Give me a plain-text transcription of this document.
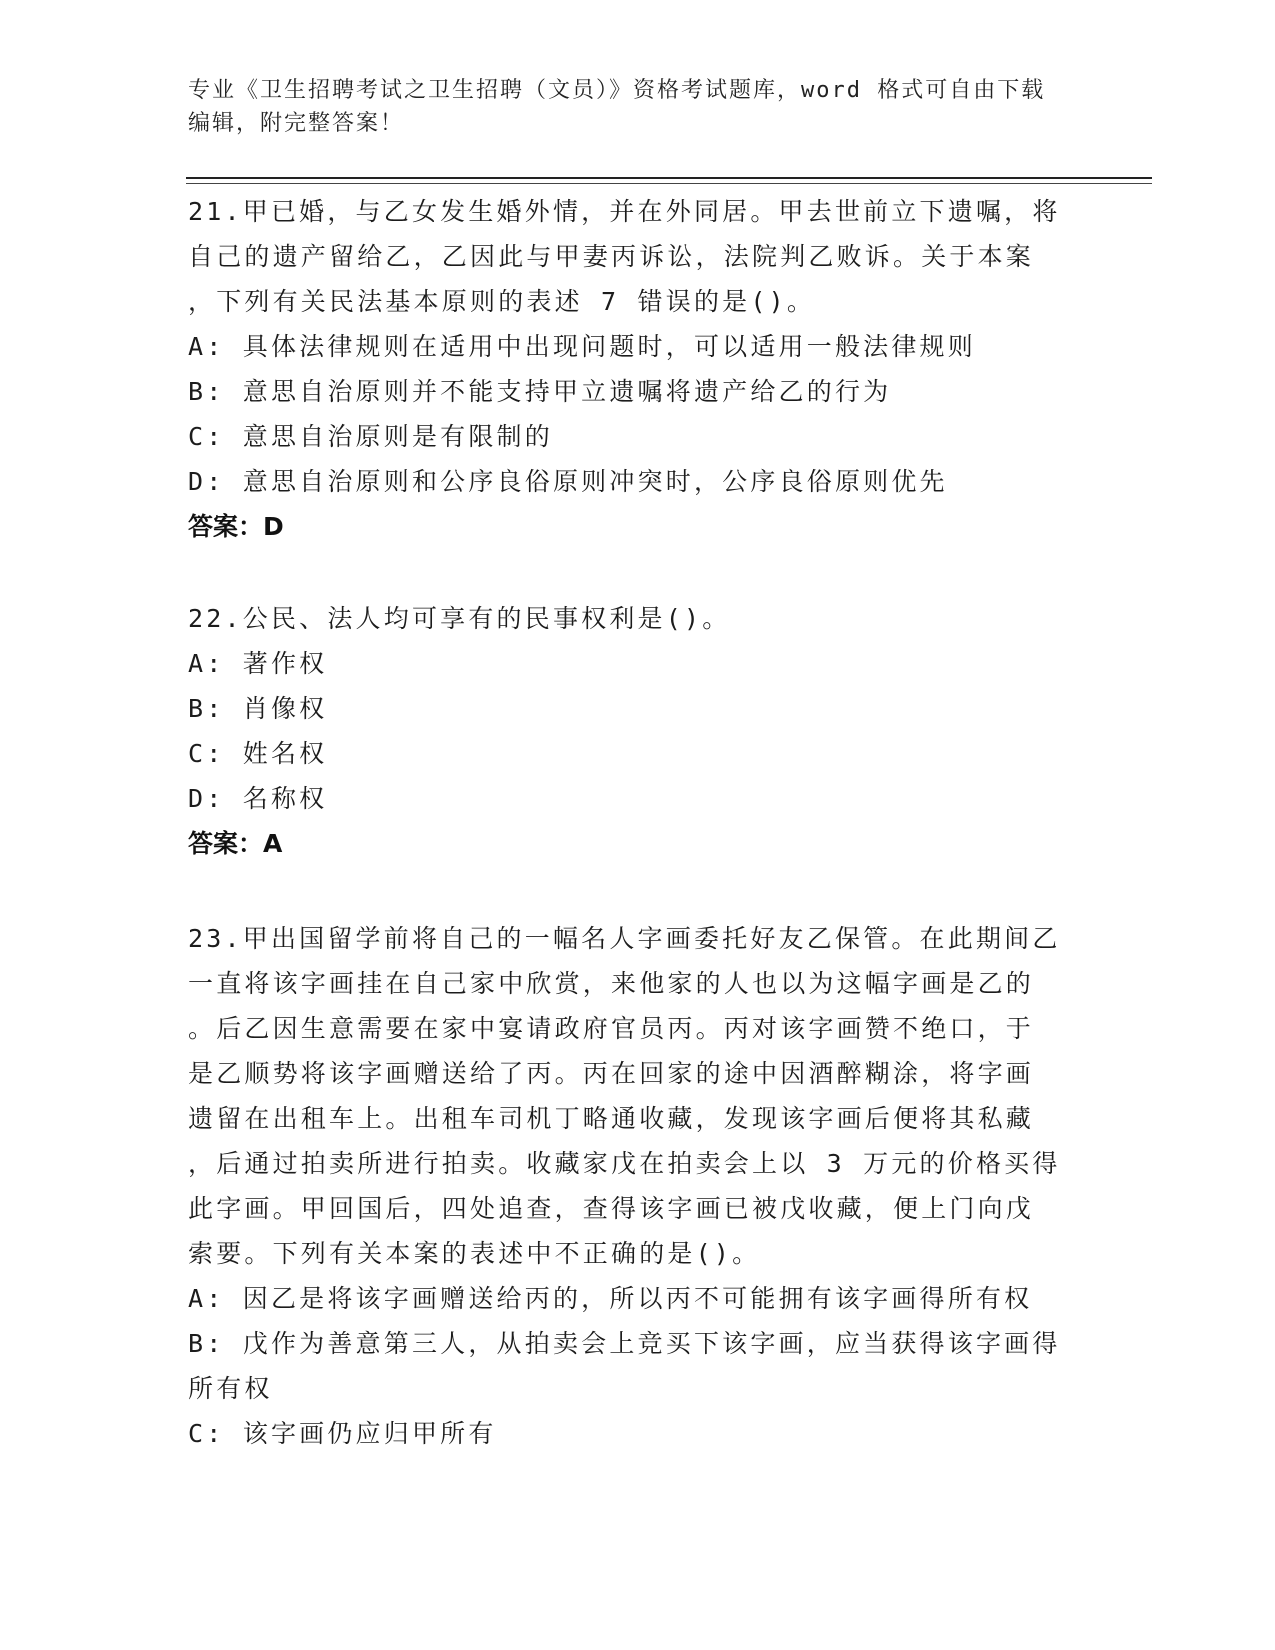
专业《卫生招聘考试之卫生招聘（文员）》资格考试题库，word 格式可自由下载
编辑，附完整答案！
21.甲已婚，与乙女发生婚外情，并在外同居。甲去世前立下遗嘱，将
自己的遗产留给乙，乙因此与甲妻丙诉讼，法院判乙败诉。关于本案
，下列有关民法基本原则的表述 7 错误的是()。
A: 具体法律规则在适用中出现问题时，可以适用一般法律规则
B: 意思自治原则并不能支持甲立遗嘱将遗产给乙的行为
C: 意思自治原则是有限制的
D: 意思自治原则和公序良俗原则冲突时，公序良俗原则优先
答案：D
22.公民、法人均可享有的民事权利是()。
A: 著作权
B: 肖像权
C: 姓名权
D: 名称权
答案：A
23.甲出国留学前将自己的一幅名人字画委托好友乙保管。在此期间乙
一直将该字画挂在自己家中欣赏，来他家的人也以为这幅字画是乙的
。后乙因生意需要在家中宴请政府官员丙。丙对该字画赞不绝口，于
是乙顺势将该字画赠送给了丙。丙在回家的途中因酒醉糊涂，将字画
遗留在出租车上。出租车司机丁略通收藏，发现该字画后便将其私藏
，后通过拍卖所进行拍卖。收藏家戊在拍卖会上以 3 万元的价格买得
此字画。甲回国后，四处追查，查得该字画已被戊收藏，便上门向戊
索要。下列有关本案的表述中不正确的是()。
A: 因乙是将该字画赠送给丙的，所以丙不可能拥有该字画得所有权
B: 戊作为善意第三人，从拍卖会上竞买下该字画，应当获得该字画得
所有权
C: 该字画仍应归甲所有
